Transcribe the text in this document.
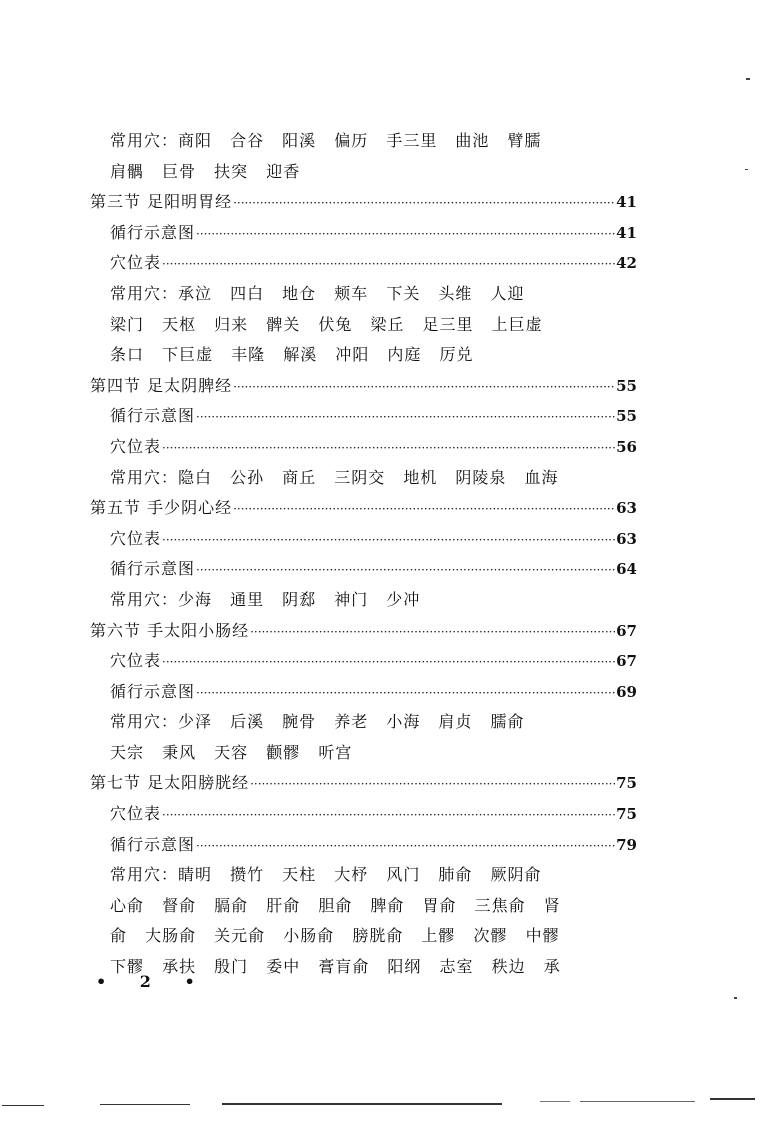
常用穴：商阳 合谷 阳溪 偏历 手三里 曲池 臂臑
肩髃 巨骨 扶突 迎香
第三节 足阳明胃经 ·····	41
循行示意图 ·····	41
穴位表 ·····	42
常用穴：承泣 四白 地仓 颊车 下关 头维 人迎
梁门 天枢 归来 髀关 伏兔 梁丘 足三里 上巨虚
条口 下巨虚 丰隆 解溪 冲阳 内庭 厉兑
第四节 足太阴脾经 ·····	55
循行示意图 ·····	55
穴位表 ·····	56
常用穴：隐白 公孙 商丘 三阴交 地机 阴陵泉 血海
第五节 手少阴心经 ·····	63
穴位表 ·····	63
循行示意图 ·····	64
常用穴：少海 通里 阴郄 神门 少冲
第六节 手太阳小肠经 ·····	67
穴位表 ·····	67
循行示意图 ·····	69
常用穴：少泽 后溪 腕骨 养老 小海 肩贞 臑俞
天宗 秉风 天容 颧髎 听宫
第七节 足太阳膀胱经 ·····	75
穴位表 ·····	75
循行示意图 ·····	79
常用穴：睛明 攒竹 天柱 大杼 风门 肺俞 厥阴俞
心俞 督俞 膈俞 肝俞 胆俞 脾俞 胃俞 三焦俞 肾
俞 大肠俞 关元俞 小肠俞 膀胱俞 上髎 次髎 中髎
下髎 承扶 殷门 委中 膏肓俞 阳纲 志室 秩边 承
• 2 •
